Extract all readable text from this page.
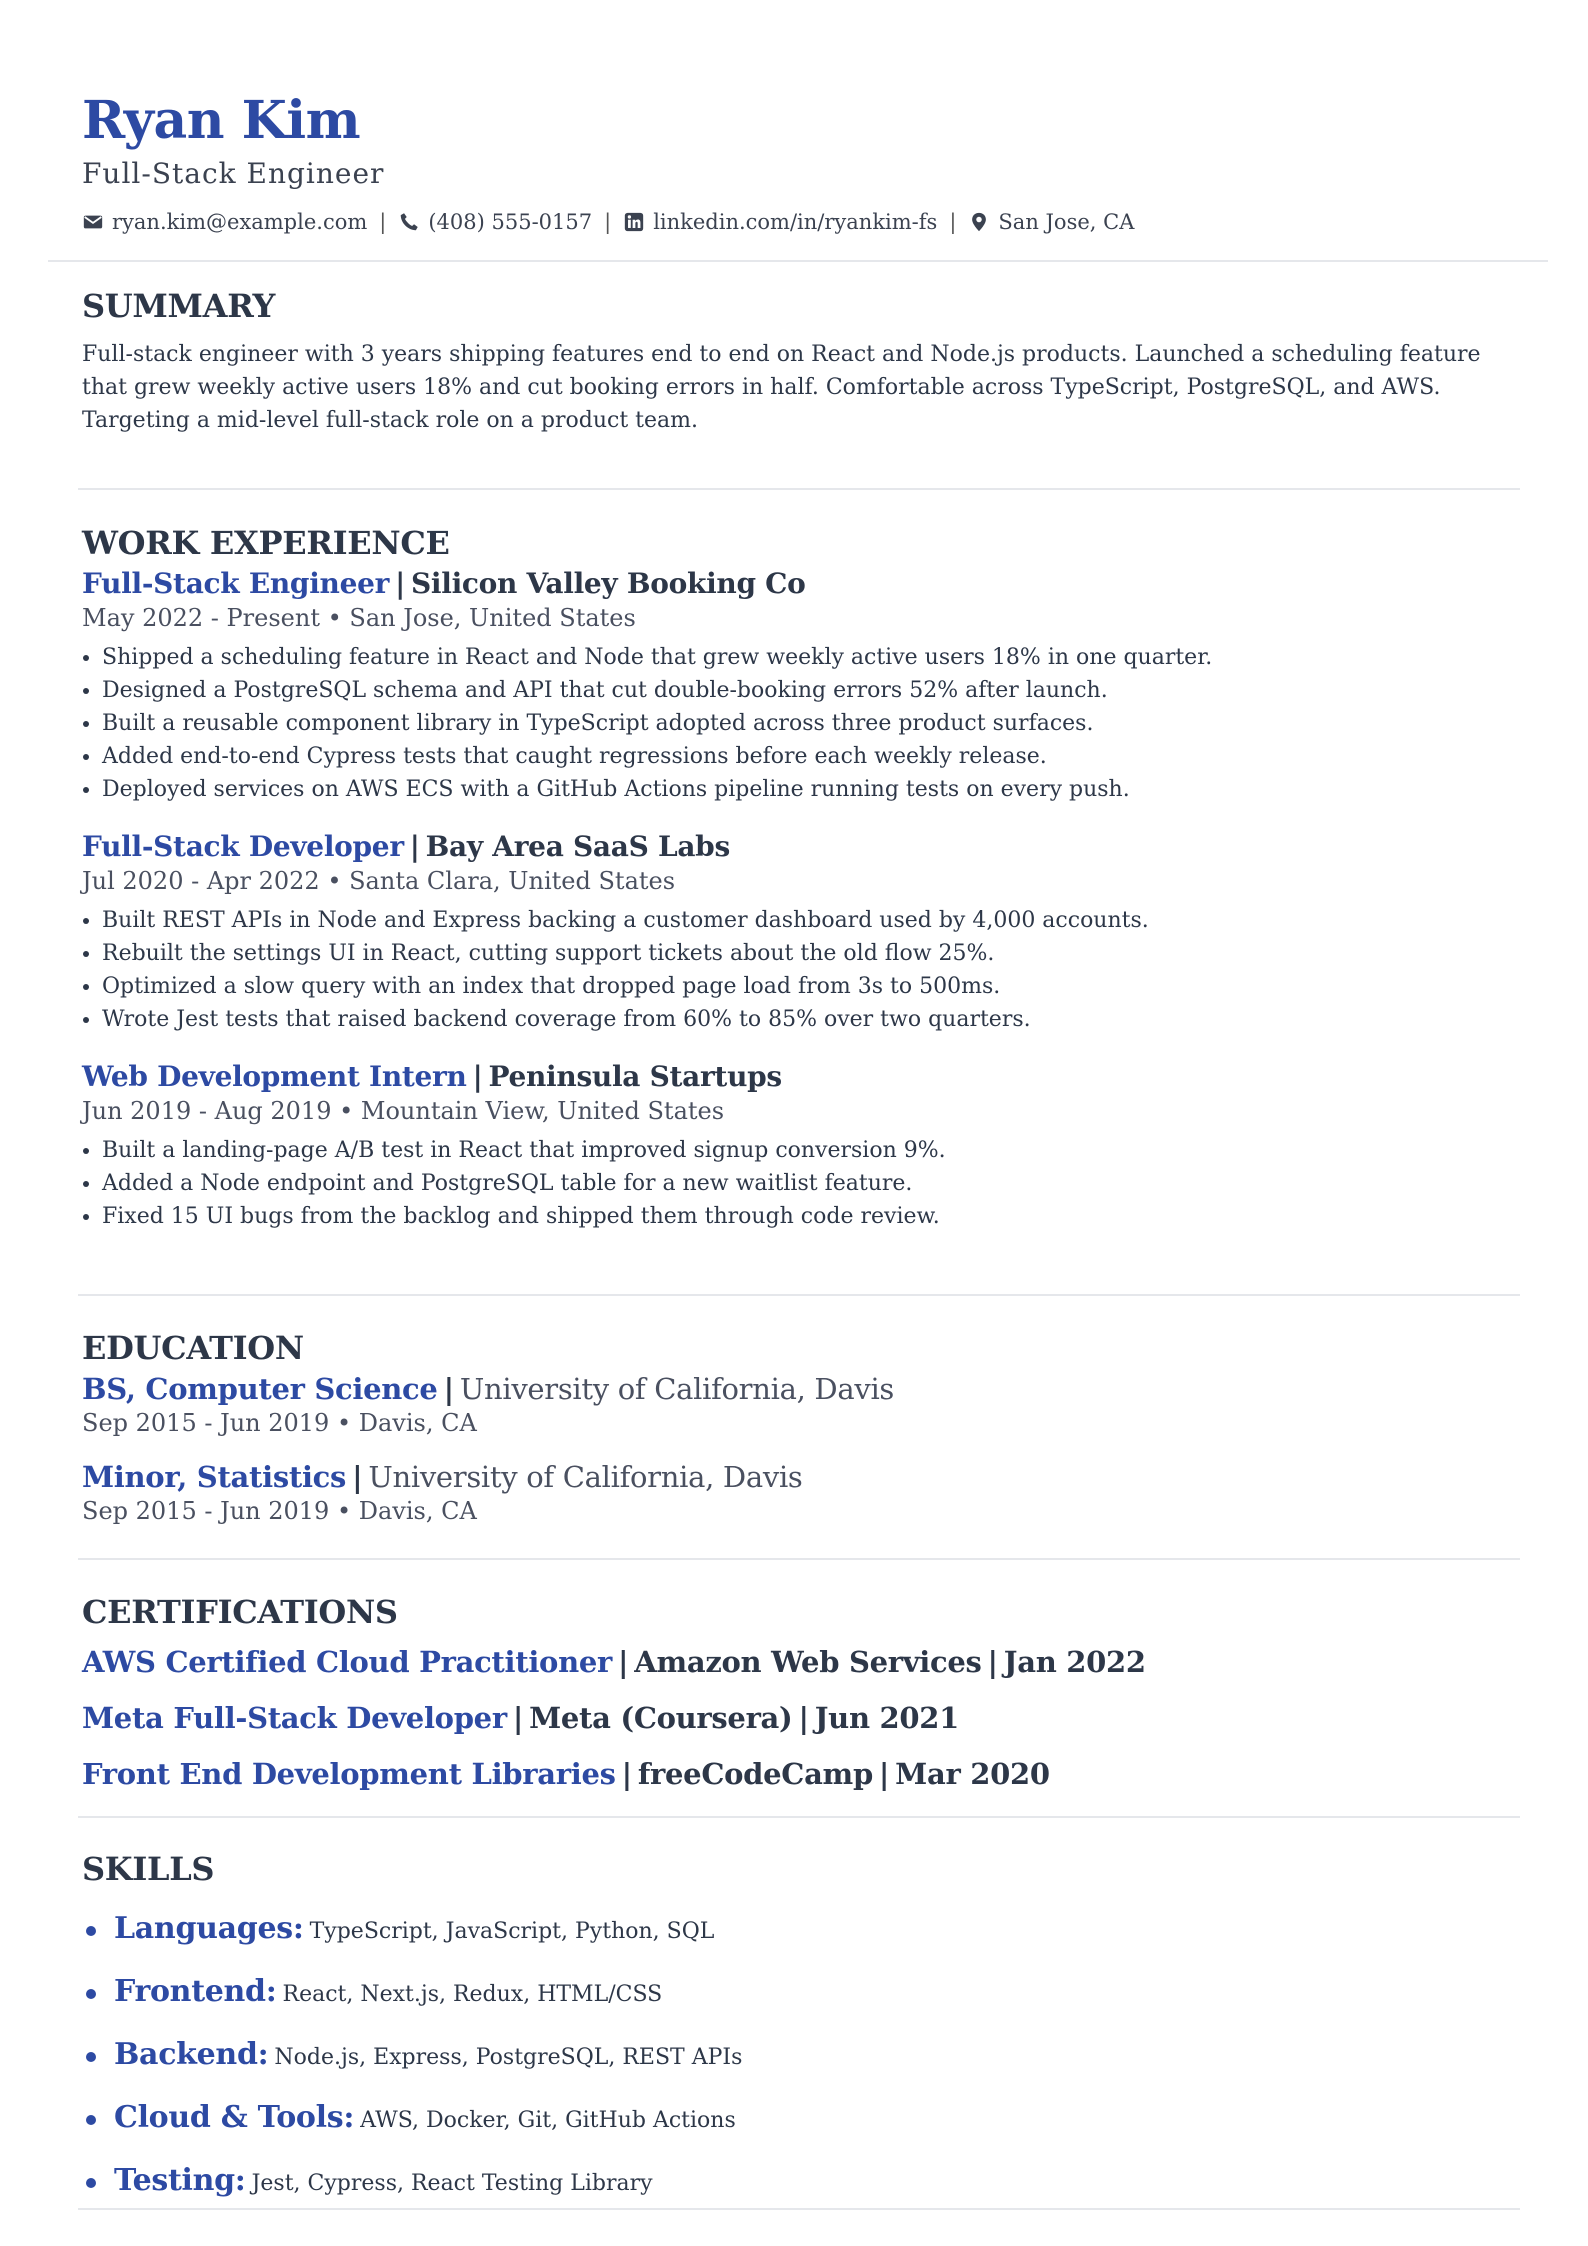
Ryan Kim
Full-Stack Engineer
ryan.kim@example.com | (408) 555-0157 | linkedin.com/in/ryankim-fs | San Jose, CA
SUMMARY
Full-stack engineer with 3 years shipping features end to end on React and Node.js products. Launched a scheduling feature that grew weekly active users 18% and cut booking errors in half. Comfortable across TypeScript, PostgreSQL, and AWS. Targeting a mid-level full-stack role on a product team.
WORK EXPERIENCE
Full-Stack Engineer | Silicon Valley Booking Co
May 2022 - Present • San Jose, United States
• Shipped a scheduling feature in React and Node that grew weekly active users 18% in one quarter.
• Designed a PostgreSQL schema and API that cut double-booking errors 52% after launch.
• Built a reusable component library in TypeScript adopted across three product surfaces.
• Added end-to-end Cypress tests that caught regressions before each weekly release.
• Deployed services on AWS ECS with a GitHub Actions pipeline running tests on every push.
Full-Stack Developer | Bay Area SaaS Labs
Jul 2020 - Apr 2022 • Santa Clara, United States
• Built REST APIs in Node and Express backing a customer dashboard used by 4,000 accounts.
• Rebuilt the settings UI in React, cutting support tickets about the old flow 25%.
• Optimized a slow query with an index that dropped page load from 3s to 500ms.
• Wrote Jest tests that raised backend coverage from 60% to 85% over two quarters.
Web Development Intern | Peninsula Startups
Jun 2019 - Aug 2019 • Mountain View, United States
• Built a landing-page A/B test in React that improved signup conversion 9%.
• Added a Node endpoint and PostgreSQL table for a new waitlist feature.
• Fixed 15 UI bugs from the backlog and shipped them through code review.
EDUCATION
BS, Computer Science | University of California, Davis
Sep 2015 - Jun 2019 • Davis, CA
Minor, Statistics | University of California, Davis
Sep 2015 - Jun 2019 • Davis, CA
CERTIFICATIONS
AWS Certified Cloud Practitioner | Amazon Web Services | Jan 2022
Meta Full-Stack Developer | Meta (Coursera) | Jun 2021
Front End Development Libraries | freeCodeCamp | Mar 2020
SKILLS
Languages: TypeScript, JavaScript, Python, SQL
Frontend: React, Next.js, Redux, HTML/CSS
Backend: Node.js, Express, PostgreSQL, REST APIs
Cloud & Tools: AWS, Docker, Git, GitHub Actions
Testing: Jest, Cypress, React Testing Library
